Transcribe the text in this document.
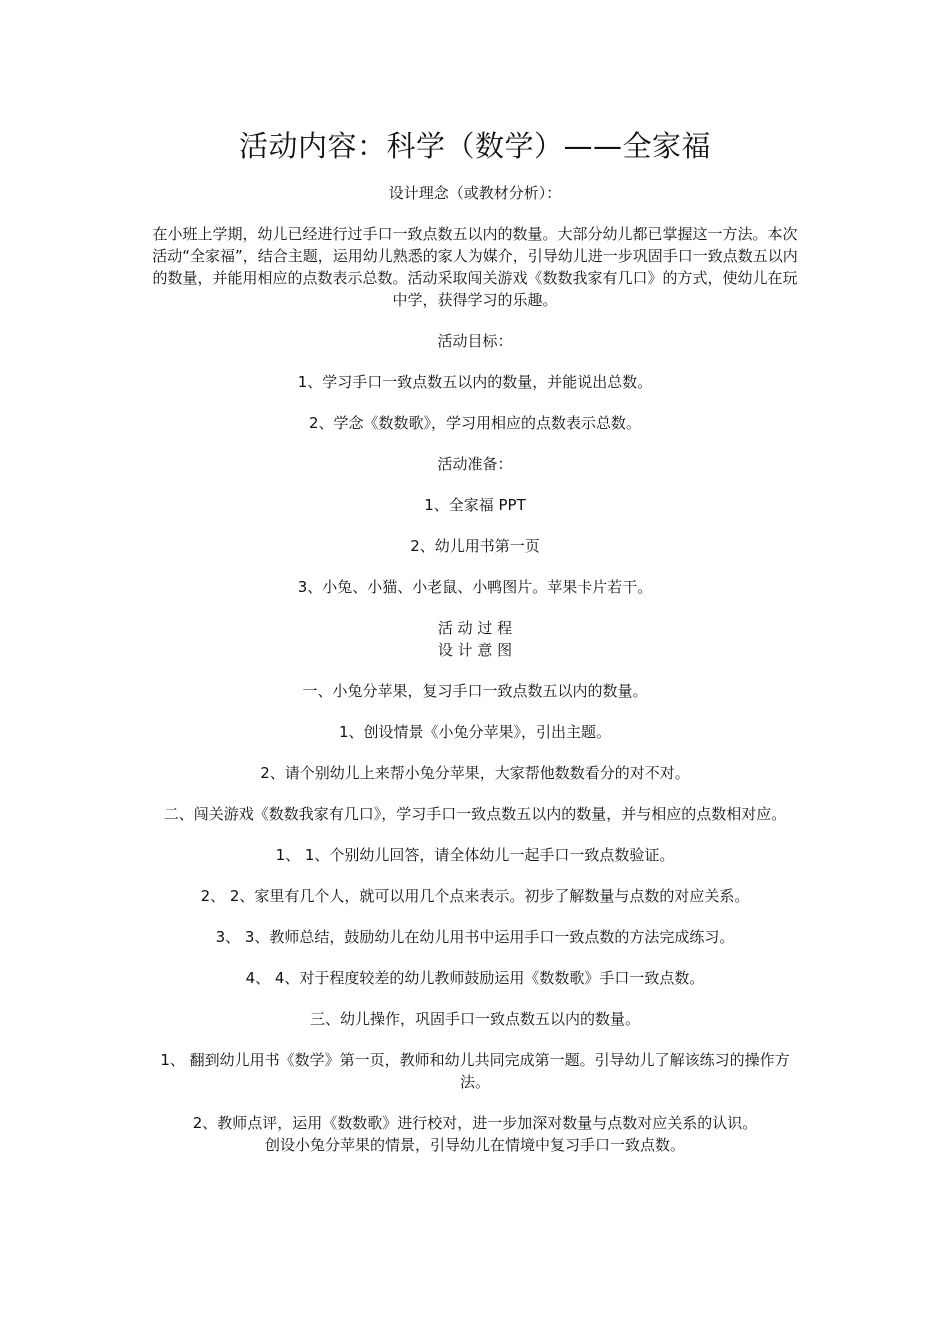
活动内容：科学（数学）——全家福

设计理念（或教材分析）：

在小班上学期，幼儿已经进行过手口一致点数五以内的数量。大部分幼儿都已掌握这一方法。本次活动“全家福”，结合主题，运用幼儿熟悉的家人为媒介，引导幼儿进一步巩固手口一致点数五以内的数量，并能用相应的点数表示总数。活动采取闯关游戏《数数我家有几口》的方式，使幼儿在玩中学，获得学习的乐趣。

活动目标：

1、学习手口一致点数五以内的数量，并能说出总数。

2、学念《数数歌》，学习用相应的点数表示总数。

活动准备：

1、全家福 PPT

2、幼儿用书第一页

3、小兔、小猫、小老鼠、小鸭图片。苹果卡片若干。

活 动 过 程

设 计 意 图

一、小兔分苹果，复习手口一致点数五以内的数量。

1、创设情景《小兔分苹果》，引出主题。

2、请个别幼儿上来帮小兔分苹果，大家帮他数数看分的对不对。

二、闯关游戏《数数我家有几口》，学习手口一致点数五以内的数量，并与相应的点数相对应。

1、 1、个别幼儿回答，请全体幼儿一起手口一致点数验证。

2、 2、家里有几个人，就可以用几个点来表示。初步了解数量与点数的对应关系。

3、 3、教师总结，鼓励幼儿在幼儿用书中运用手口一致点数的方法完成练习。

4、 4、对于程度较差的幼儿教师鼓励运用《数数歌》手口一致点数。

三、幼儿操作，巩固手口一致点数五以内的数量。

1、 翻到幼儿用书《数学》第一页，教师和幼儿共同完成第一题。引导幼儿了解该练习的操作方法。

2、教师点评，运用《数数歌》进行校对，进一步加深对数量与点数对应关系的认识。

创设小兔分苹果的情景，引导幼儿在情境中复习手口一致点数。
